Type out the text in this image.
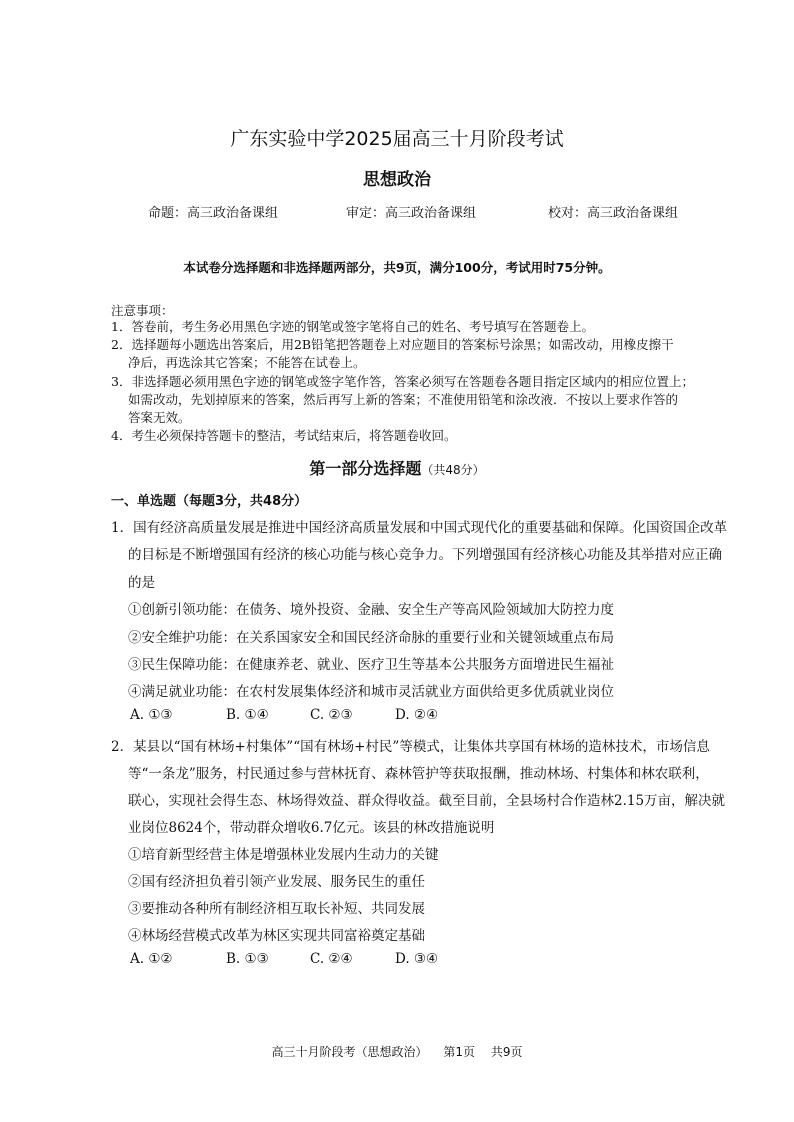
广东实验中学2025届高三十月阶段考试
思想政治
命题：高三政治备课组	审定：高三政治备课组	校对：高三政治备课组
本试卷分选择题和非选择题两部分，共9页，满分100分，考试用时75分钟。
注意事项：
1．答卷前，考生务必用黑色字迹的钢笔或签字笔将自己的姓名、考号填写在答题卷上。
2．选择题每小题选出答案后，用2B铅笔把答题卷上对应题目的答案标号涂黑；如需改动，用橡皮擦干
净后，再选涂其它答案；不能答在试卷上。
3．非选择题必须用黑色字迹的钢笔或签字笔作答，答案必须写在答题卷各题目指定区域内的相应位置上；
如需改动，先划掉原来的答案，然后再写上新的答案；不准使用铅笔和涂改液．不按以上要求作答的
答案无效。
4．考生必须保持答题卡的整洁，考试结束后，将答题卷收回。
第一部分选择题（共48分）
一、单选题（每题3分，共48分）
1．国有经济高质量发展是推进中国经济高质量发展和中国式现代化的重要基础和保障。化国资国企改革
的目标是不断增强国有经济的核心功能与核心竞争力。下列增强国有经济核心功能及其举措对应正确
的是
①创新引领功能：在债务、境外投资、金融、安全生产等高风险领域加大防控力度
②安全维护功能：在关系国家安全和国民经济命脉的重要行业和关键领域重点布局
③民生保障功能：在健康养老、就业、医疗卫生等基本公共服务方面增进民生福祉
④满足就业功能：在农村发展集体经济和城市灵活就业方面供给更多优质就业岗位
A. ①③	B. ①④	C. ②③	D. ②④
2．某县以“国有林场+村集体”“国有林场+村民”等模式，让集体共享国有林场的造林技术，市场信息
等“一条龙”服务，村民通过参与营林抚育、森林管护等获取报酬，推动林场、村集体和林农联利，
联心，实现社会得生态、林场得效益、群众得收益。截至目前，全县场村合作造林2.15万亩，解决就
业岗位8624个，带动群众增收6.7亿元。该县的林改措施说明
①培育新型经营主体是增强林业发展内生动力的关键
②国有经济担负着引领产业发展、服务民生的重任
③要推动各种所有制经济相互取长补短、共同发展
④林场经营模式改革为林区实现共同富裕奠定基础
A. ①②	B. ①③	C. ②④	D. ③④
高三十月阶段考（思想政治） 第1页 共9页
